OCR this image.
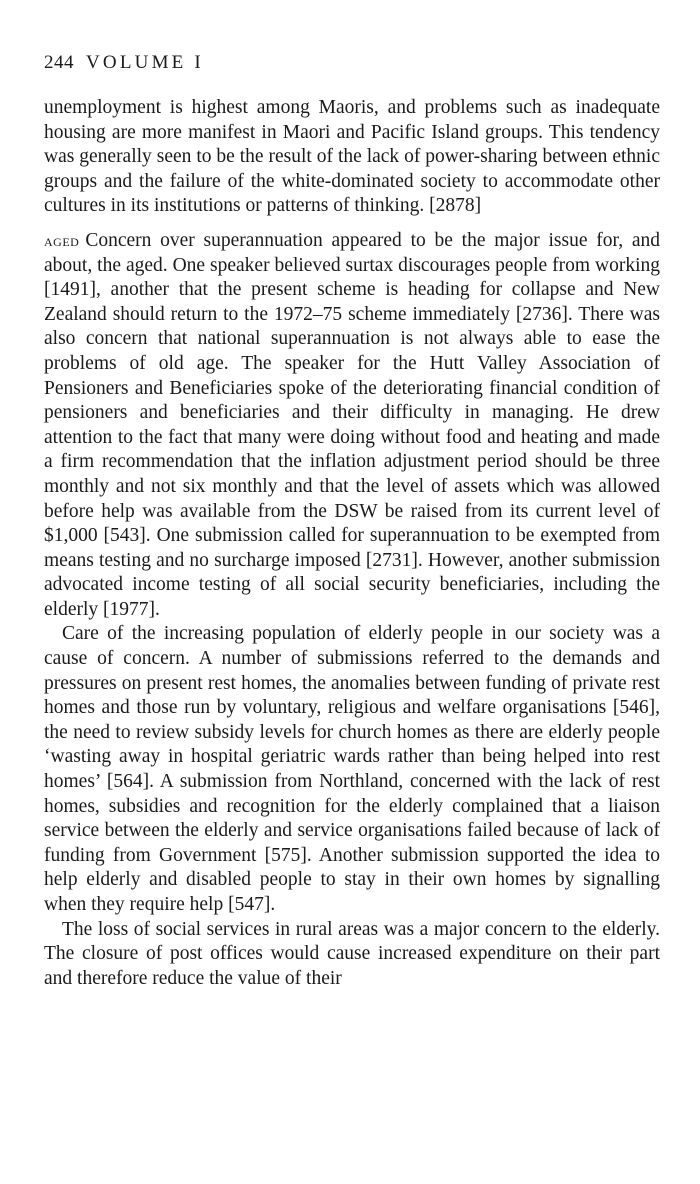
244 VOLUME I

unemployment is highest among Maoris, and problems such as inadequate housing are more manifest in Maori and Pacific Island groups. This tendency was generally seen to be the result of the lack of power-sharing between ethnic groups and the failure of the white-dominated society to accommodate other cultures in its institutions or patterns of thinking. [2878]

aged Concern over superannuation appeared to be the major issue for, and about, the aged. One speaker believed surtax discourages people from working [1491], another that the present scheme is heading for collapse and New Zealand should return to the 1972–75 scheme immediately [2736]. There was also concern that national superannuation is not always able to ease the problems of old age. The speaker for the Hutt Valley Association of Pensioners and Beneficiaries spoke of the deteriorating financial condition of pensioners and beneficiaries and their difficulty in managing. He drew attention to the fact that many were doing without food and heating and made a firm recommendation that the inflation adjustment period should be three monthly and not six monthly and that the level of assets which was allowed before help was available from the DSW be raised from its current level of $1,000 [543]. One submission called for superannuation to be exempted from means testing and no surcharge imposed [2731]. However, another submission advocated income testing of all social security beneficiaries, including the elderly [1977].

Care of the increasing population of elderly people in our society was a cause of concern. A number of submissions referred to the demands and pressures on present rest homes, the anomalies between funding of private rest homes and those run by voluntary, religious and welfare organisations [546], the need to review subsidy levels for church homes as there are elderly people ‘wasting away in hospital geriatric wards rather than being helped into rest homes’ [564]. A submission from Northland, concerned with the lack of rest homes, subsidies and recognition for the elderly complained that a liaison service between the elderly and service organisations failed because of lack of funding from Government [575]. Another submission supported the idea to help elderly and disabled people to stay in their own homes by signalling when they require help [547].

The loss of social services in rural areas was a major concern to the elderly. The closure of post offices would cause increased expenditure on their part and therefore reduce the value of their
